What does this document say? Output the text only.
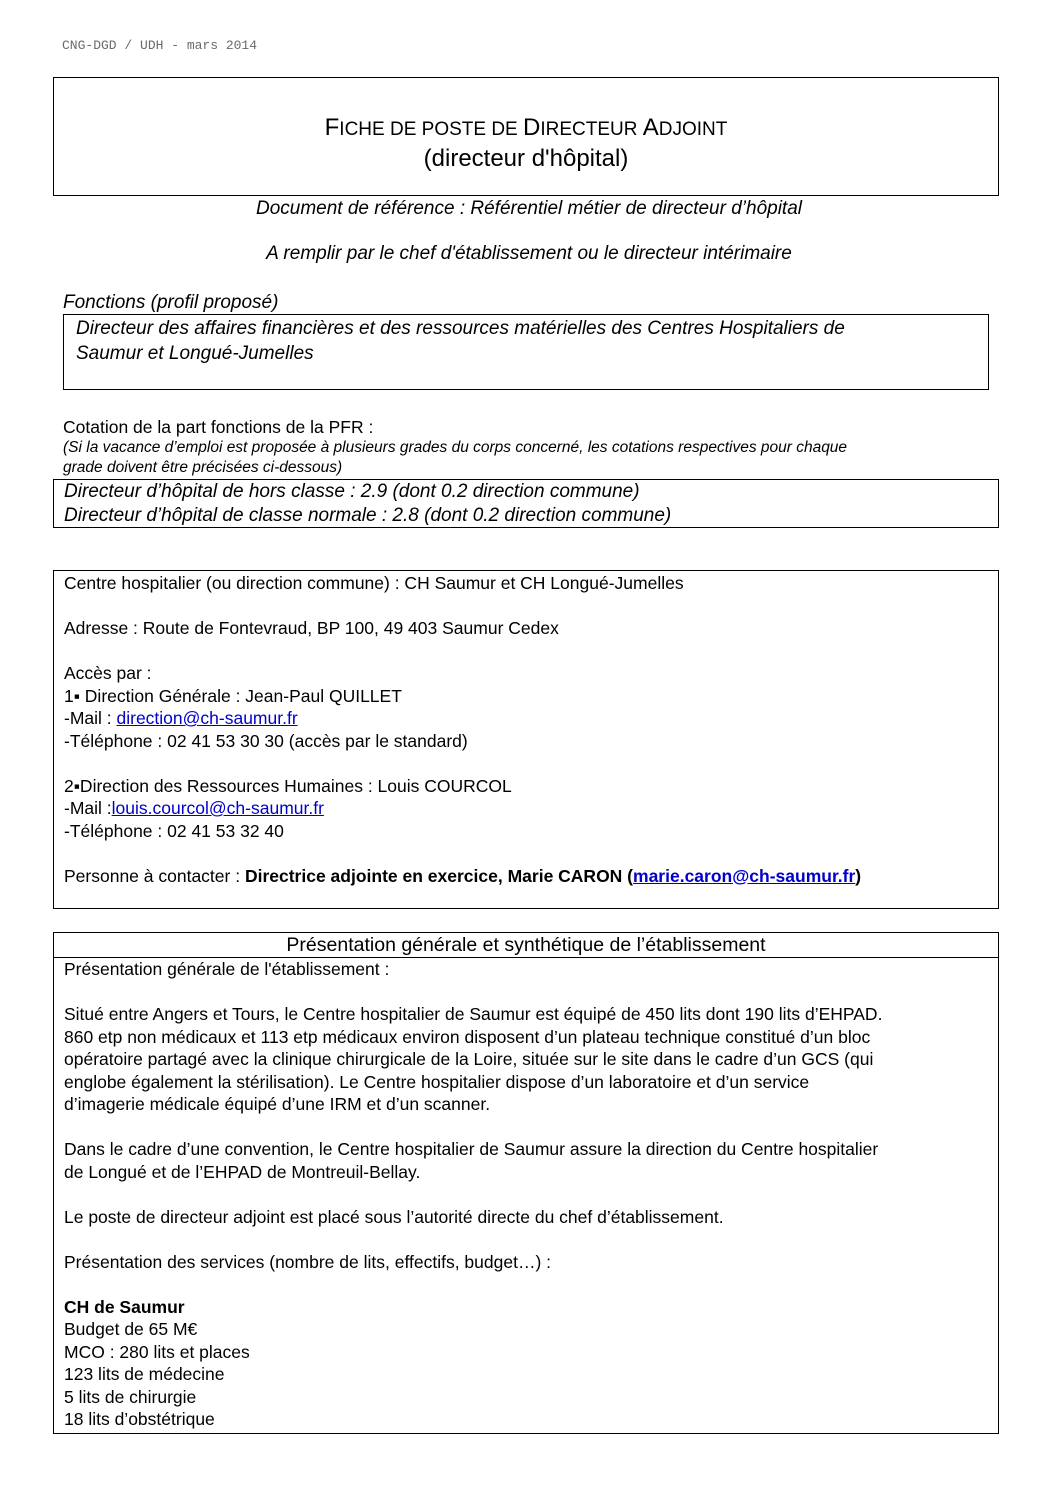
CNG-DGD / UDH - mars 2014
FICHE DE POSTE DE DIRECTEUR ADJOINT
(directeur d'hôpital)
Document de référence : Référentiel métier de directeur d’hôpital
A remplir par le chef d'établissement ou le directeur intérimaire
Fonctions (profil proposé)
Directeur des affaires financières et des ressources matérielles des Centres Hospitaliers de
Saumur et Longué-Jumelles
Cotation de la part fonctions de la PFR :
(Si la vacance d’emploi est proposée à plusieurs grades du corps concerné, les cotations respectives pour chaque
grade doivent être précisées ci-dessous)
Directeur d’hôpital de hors classe : 2.9 (dont 0.2 direction commune)
Directeur d’hôpital de classe normale : 2.8 (dont 0.2 direction commune)
Centre hospitalier (ou direction commune) : CH Saumur et CH Longué-Jumelles
Adresse : Route de Fontevraud, BP 100, 49 403 Saumur Cedex
Accès par :
1▪ Direction Générale : Jean-Paul QUILLET
-Mail : direction@ch-saumur.fr
-Téléphone : 02 41 53 30 30 (accès par le standard)
2▪Direction des Ressources Humaines : Louis COURCOL
-Mail :louis.courcol@ch-saumur.fr
-Téléphone : 02 41 53 32 40
Personne à contacter : Directrice adjointe en exercice, Marie CARON (marie.caron@ch-saumur.fr)
Présentation générale et synthétique de l’établissement
Présentation générale de l'établissement :
Situé entre Angers et Tours, le Centre hospitalier de Saumur est équipé de 450 lits dont 190 lits d’EHPAD.
860 etp non médicaux et 113 etp médicaux environ disposent d’un plateau technique constitué d’un bloc
opératoire partagé avec la clinique chirurgicale de la Loire, située sur le site dans le cadre d’un GCS (qui
englobe également la stérilisation). Le Centre hospitalier dispose d’un laboratoire et d’un service
d’imagerie médicale équipé d’une IRM et d’un scanner.
Dans le cadre d’une convention, le Centre hospitalier de Saumur assure la direction du Centre hospitalier
de Longué et de l’EHPAD de Montreuil-Bellay.
Le poste de directeur adjoint est placé sous l’autorité directe du chef d’établissement.
Présentation des services (nombre de lits, effectifs, budget…) :
CH de Saumur
Budget de 65 M€
MCO : 280 lits et places
123 lits de médecine
5 lits de chirurgie
18 lits d’obstétrique
